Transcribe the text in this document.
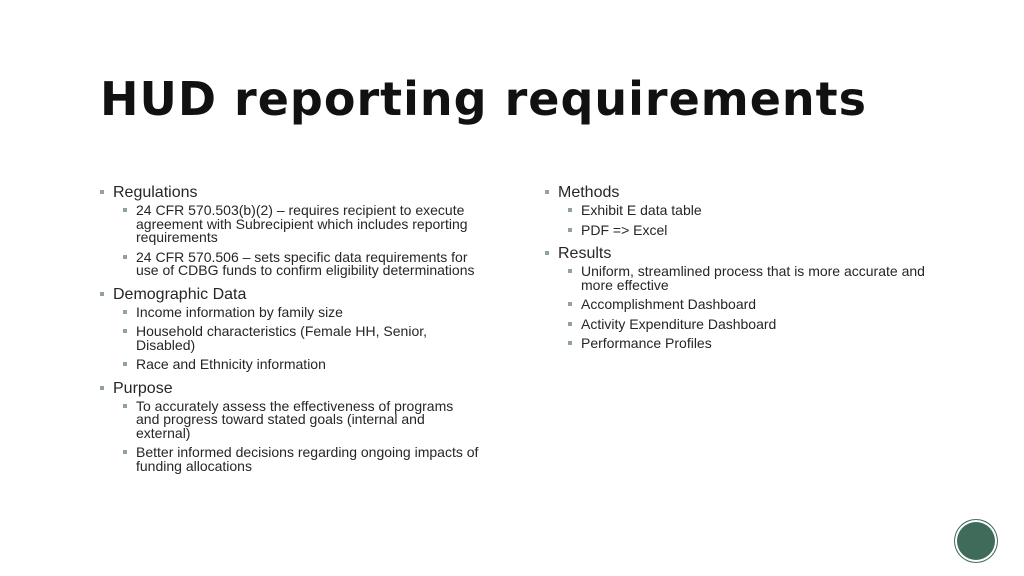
HUD reporting requirements
Regulations
24 CFR 570.503(b)(2) – requires recipient to execute agreement with Subrecipient which includes reporting requirements
24 CFR 570.506 – sets specific data requirements for use of CDBG funds to confirm eligibility determinations
Demographic Data
Income information by family size
Household characteristics (Female HH, Senior, Disabled)
Race and Ethnicity information
Purpose
To accurately assess the effectiveness of programs and progress toward stated goals (internal and external)
Better informed decisions regarding ongoing impacts of funding allocations
Methods
Exhibit E data table
PDF => Excel
Results
Uniform, streamlined process that is more accurate and more effective
Accomplishment Dashboard
Activity Expenditure Dashboard
Performance Profiles
